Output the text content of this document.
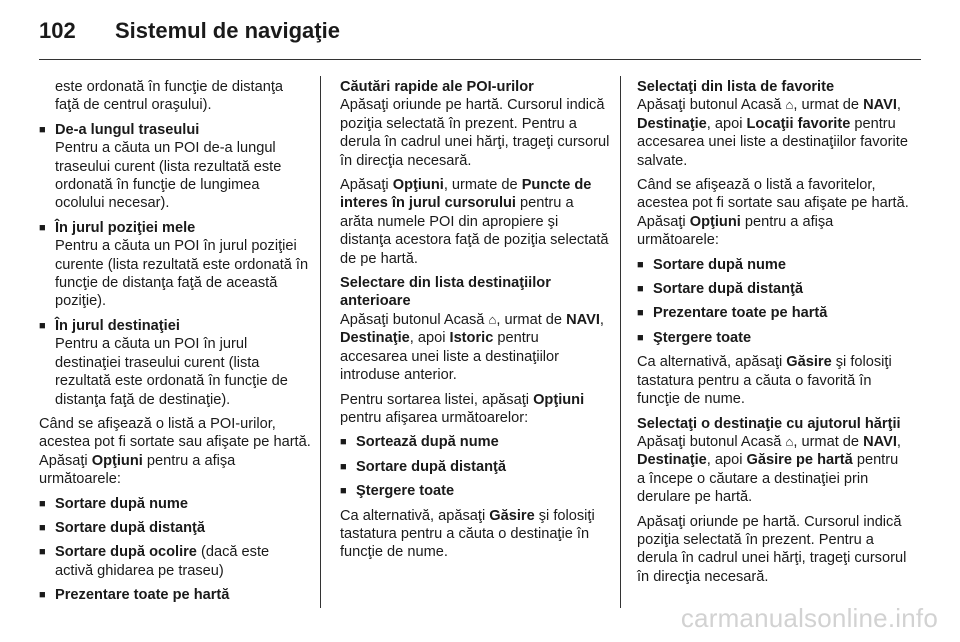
102	Sistemul de navigaţie

este ordonată în funcţie de distanţa faţă de centrul oraşului).

■ De-a lungul traseului
Pentru a căuta un POI de-a lungul traseului curent (lista rezultată este ordonată în funcţie de lungimea ocolului necesar).
■ În jurul poziţiei mele
Pentru a căuta un POI în jurul poziţiei curente (lista rezultată este ordonată în funcţie de distanţa faţă de această poziţie).
■ În jurul destinaţiei
Pentru a căuta un POI în jurul destinaţiei traseului curent (lista rezultată este ordonată în funcţie de distanţa faţă de destinaţie).

Când se afişează o listă a POI-urilor, acestea pot fi sortate sau afişate pe hartă. Apăsaţi Opţiuni pentru a afişa următoarele:

■ Sortare după nume
■ Sortare după distanţă
■ Sortare după ocolire (dacă este activă ghidarea pe traseu)
■ Prezentare toate pe hartă
Căutări rapide ale POI-urilor

Apăsaţi oriunde pe hartă. Cursorul indică poziţia selectată în prezent. Pentru a derula în cadrul unei hărţi, trageţi cursorul în direcţia necesară.

Apăsaţi Opţiuni, urmate de Puncte de interes în jurul cursorului pentru a arăta numele POI din apropiere şi distanţa acestora faţă de poziţia selectată de pe hartă.

Selectare din lista destinaţiilor anterioare

Apăsaţi butonul Acasă ⌂, urmat de NAVI, Destinaţie, apoi Istoric pentru accesarea unei liste a destinaţiilor introduse anterior.

Pentru sortarea listei, apăsaţi Opţiuni pentru afişarea următoarelor:

■ Sortează după nume
■ Sortare după distanţă
■ Ştergere toate

Ca alternativă, apăsaţi Găsire şi folosiţi tastatura pentru a căuta o destinaţie în funcţie de nume.

Selectaţi din lista de favorite

Apăsaţi butonul Acasă ⌂, urmat de NAVI, Destinaţie, apoi Locaţii favorite pentru accesarea unei liste a destinaţiilor favorite salvate.

Când se afişează o listă a favoritelor, acestea pot fi sortate sau afişate pe hartă. Apăsaţi Opţiuni pentru a afişa următoarele:

■ Sortare după nume
■ Sortare după distanţă
■ Prezentare toate pe hartă
■ Ştergere toate

Ca alternativă, apăsaţi Găsire şi folosiţi tastatura pentru a căuta o favorită în funcţie de nume.

Selectaţi o destinaţie cu ajutorul hărţii

Apăsaţi butonul Acasă ⌂, urmat de NAVI, Destinaţie, apoi Găsire pe hartă pentru a începe o căutare a destinaţiei prin derulare pe hartă.

Apăsaţi oriunde pe hartă. Cursorul indică poziţia selectată în prezent. Pentru a derula în cadrul unei hărţi, trageţi cursorul în direcţia necesară.

carmanualsonline.info
